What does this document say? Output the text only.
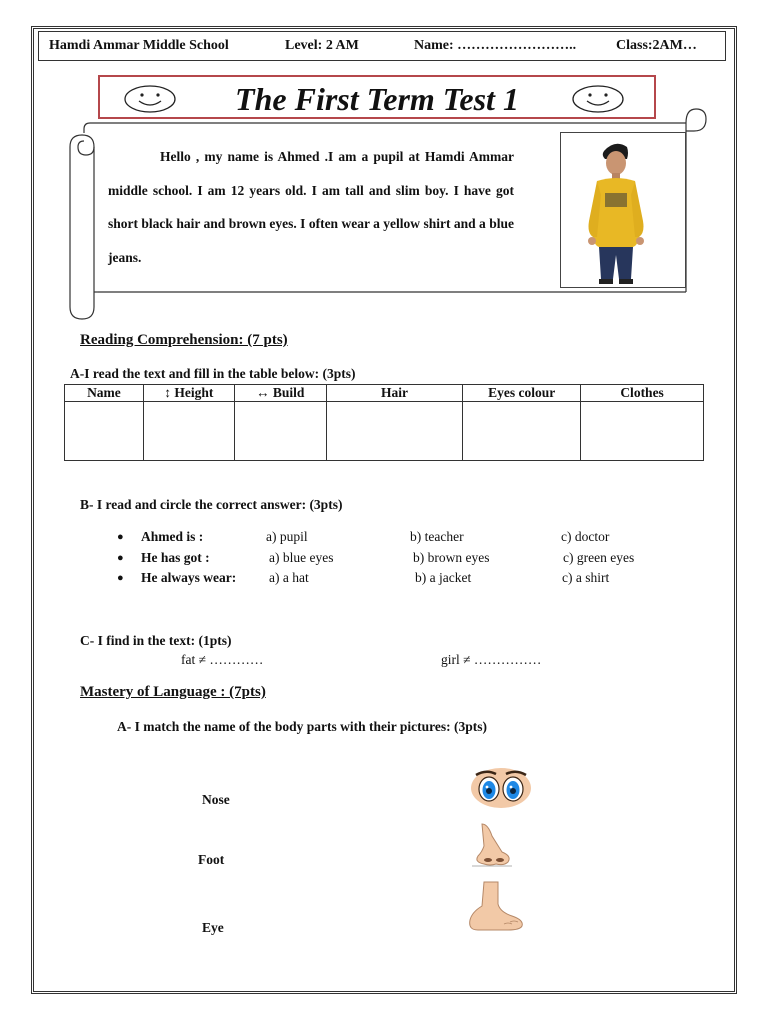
Hamdi Ammar Middle School	Level: 2 AM	Name: ……………………..	Class:2AM…
The First Term Test 1
Hello , my name is Ahmed .I am a pupil at Hamdi Ammar middle school. I am 12 years old. I am tall and slim boy. I have got short black hair and brown eyes. I often wear a yellow shirt and a blue jeans.
Reading Comprehension: (7 pts)
A-I read the text and fill in the table below: (3pts)
Name	↕ Height	↔ Build	Hair	Eyes colour	Clothes

B- I read and circle the correct answer: (3pts)
● Ahmed is :	a) pupil	b) teacher	c) doctor
● He has got :	a) blue eyes	b) brown eyes	c) green eyes
● He always wear: a) a hat	b) a jacket	c) a shirt
C- I find in the text: (1pts)
fat ≠ …………	girl ≠ ……………
Mastery of Language : (7pts)
A- I match the name of the body parts with their pictures: (3pts)
Nose
Foot
Eye
